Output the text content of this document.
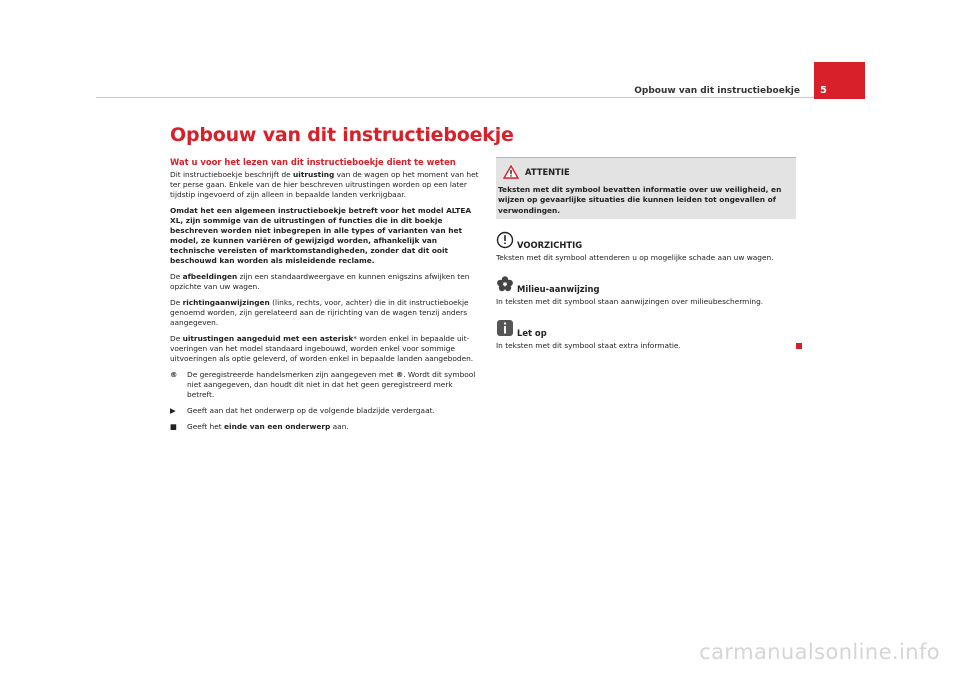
Opbouw van dit instructieboekje 5
Opbouw van dit instructieboekje
Wat u voor het lezen van dit instructieboekje dient te weten

Dit instructieboekje beschrijft de uitrusting van de wagen op het moment van het ter perse gaan. Enkele van de hier beschreven uitrustingen worden op een later tijdstip ingevoerd of zijn alleen in bepaalde landen verkrijgbaar.

Omdat het een algemeen instructieboekje betreft voor het model ALTEA XL, zijn sommige van de uitrustingen of functies die in dit boekje beschreven worden niet inbegrepen in alle types of varianten van het model, ze kunnen variëren of gewijzigd worden, afhankelijk van technische vereisten of marktomstandigheden, zonder dat dit ooit beschouwd kan worden als misleidende reclame.

De afbeeldingen zijn een standaardweergave en kunnen enigszins afwijken ten opzichte van uw wagen.

De richtingaanwijzingen (links, rechts, voor, achter) die in dit instructieboekje genoemd worden, zijn gerelateerd aan de rijrichting van de wagen tenzij anders aangegeven.

De uitrustingen aangeduid met een asterisk* worden enkel in bepaalde uitvoeringen van het model standaard ingebouwd, worden enkel voor sommige uitvoeringen als optie geleverd, of worden enkel in bepaalde landen aangeboden.

® De geregistreerde handelsmerken zijn aangegeven met ®. Wordt dit symbool niet aangegeven, dan houdt dit niet in dat het geen geregistreerd merk betreft.
▶ Geeft aan dat het onderwerp op de volgende bladzijde verdergaat.
■ Geeft het einde van een onderwerp aan.
ATTENTIE
Teksten met dit symbool bevatten informatie over uw veiligheid, en wijzen op gevaarlijke situaties die kunnen leiden tot ongevallen of verwondingen.
VOORZICHTIG
Teksten met dit symbool attenderen u op mogelijke schade aan uw wagen.
Milieu-aanwijzing
In teksten met dit symbool staan aanwijzingen over milieubescherming.
Let op
In teksten met dit symbool staat extra informatie.
carmanualsonline.info
